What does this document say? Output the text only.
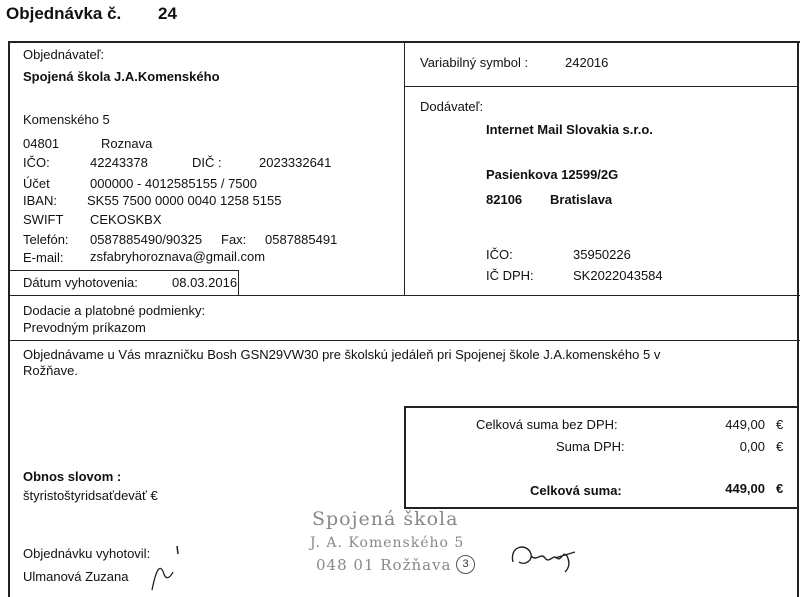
Objednávka č. 24
Objednávateľ:
Spojená škola J.A.Komenského
Komenského 5
04801	Roznava
IČO:	42243378	DIČ :	2023332641
Účet	000000 - 4012585155 / 7500
IBAN: SK55 7500 0000 0040 1258 5155
SWIFT CEKOSKBX
Telefón: 0587885490/90325 Fax: 0587885491
E-mail: zsfabryhoroznava@gmail.com
Dátum vyhotovenia:	08.03.2016
Variabilný symbol :	242016
Dodávateľ:
Internet Mail Slovakia s.r.o.
Pasienkova 12599/2G
82106 Bratislava
IČO:	35950226
IČ DPH:	SK2022043584
Dodacie a platobné podmienky:
Prevodným príkazom
Objednávame u Vás mrazničku Bosh GSN29VW30 pre školskú jedáleň pri Spojenej škole J.A.komenského 5 v
Rožňave.
Celková suma bez DPH:	449,00 €
Suma DPH:	0,00 €
Celková suma:	449,00 €
Obnos slovom :
štyristoštyridsaťdeväť €
Objednávku vyhotovil:
Ulmanová Zuzana
Spojená škola
J. A. Komenského 5
048 01 Rožňava 3
